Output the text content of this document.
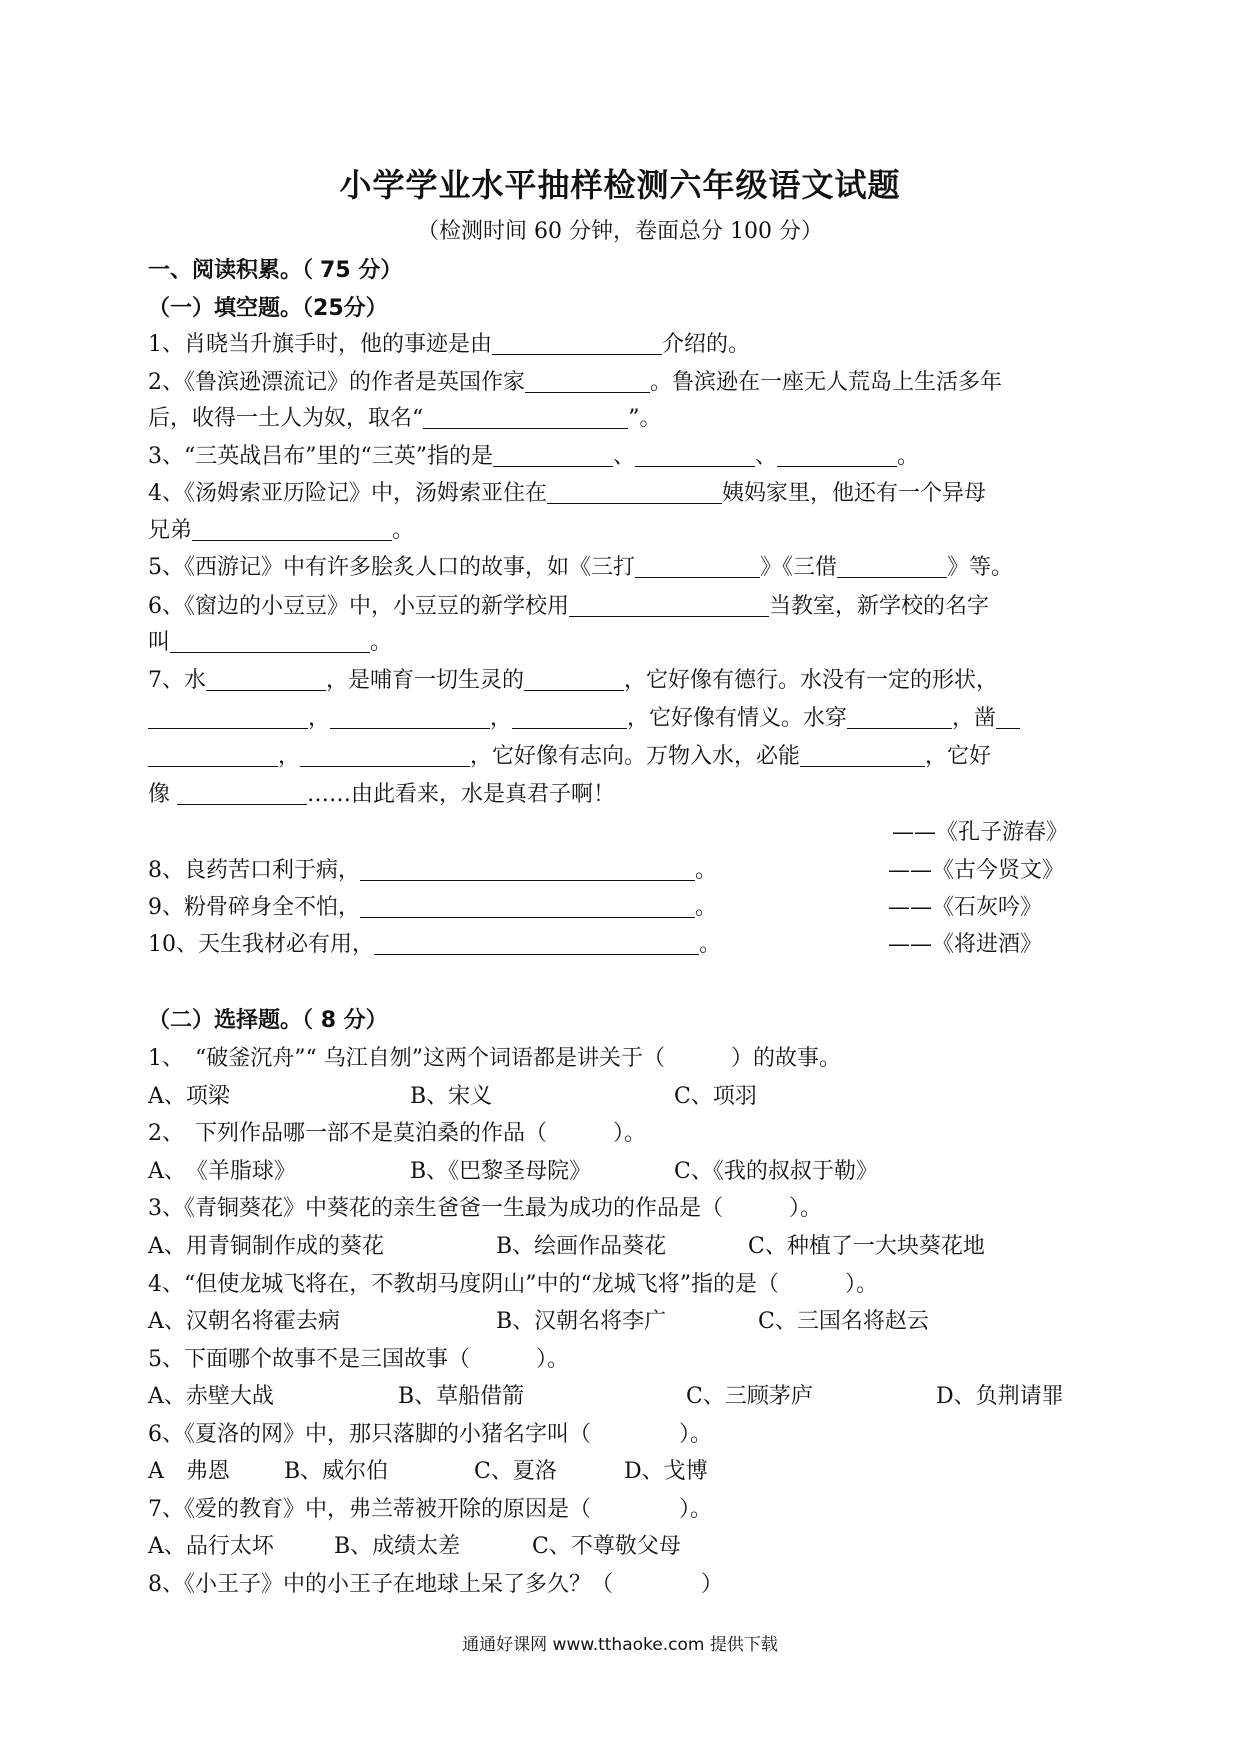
小学学业水平抽样检测六年级语文试题
（检测时间 60 分钟，卷面总分 100 分）
一、阅读积累。（ 75 分）
（一）填空题。（25分）
1、肖晓当升旗手时，他的事迹是由	介绍的。
2、《鲁滨逊漂流记》的作者是英国作家	。鲁滨逊在一座无人荒岛上生活多年
后，收得一土人为奴，取名“	”。
3、“三英战吕布”里的“三英”指的是	、	、	。
4、《汤姆索亚历险记》中，汤姆索亚住在	姨妈家里，他还有一个异母
兄弟	。
5、《西游记》中有许多脍炙人口的故事，如《三打	》《三借	》等。
6、《窗边的小豆豆》中，小豆豆的新学校用	当教室，新学校的名字
叫	。
7、水	，是哺育一切生灵的	，它好像有德行。水没有一定的形状，
，	，	，它好像有情义。水穿	，凿
，	，它好像有志向。万物入水，必能	，它好
像	……由此看来，水是真君子啊！
——《孔子游春》
8、良药苦口利于病，	。	——《古今贤文》
9、粉骨碎身全不怕，	。	——《石灰吟》
10、天生我材必有用，	。	——《将进酒》
（二）选择题。（ 8 分）
1、　“破釜沉舟”“ 乌江自刎”这两个词语都是讲关于（　　　）的故事。
A、项梁	B、宋义	C、项羽
2、　下列作品哪一部不是莫泊桑的作品（　　　）。
A、　《羊脂球》	B、《巴黎圣母院》	C、《我的叔叔于勒》
3、《青铜葵花》中葵花的亲生爸爸一生最为成功的作品是（　　　）。
A、用青铜制作成的葵花	B、绘画作品葵花	C、种植了一大块葵花地
4、“但使龙城飞将在，不教胡马度阴山”中的“龙城飞将”指的是（　　　）。
A、汉朝名将霍去病	B、汉朝名将李广	C、三国名将赵云
5、下面哪个故事不是三国故事（　　　）。
A、赤壁大战	B、草船借箭	C、三顾茅庐	D、负荆请罪
6、《夏洛的网》中，那只落脚的小猪名字叫（　　　　）。
A　弗恩 B、威尔伯	C、夏洛	D、戈博
7、《爱的教育》中，弗兰蒂被开除的原因是（　　　　）。
A、品行太坏	B、成绩太差	C、不尊敬父母
8、《小王子》中的小王子在地球上呆了多久？（　　　　）
通通好课网 www.tthaoke.com 提供下载
